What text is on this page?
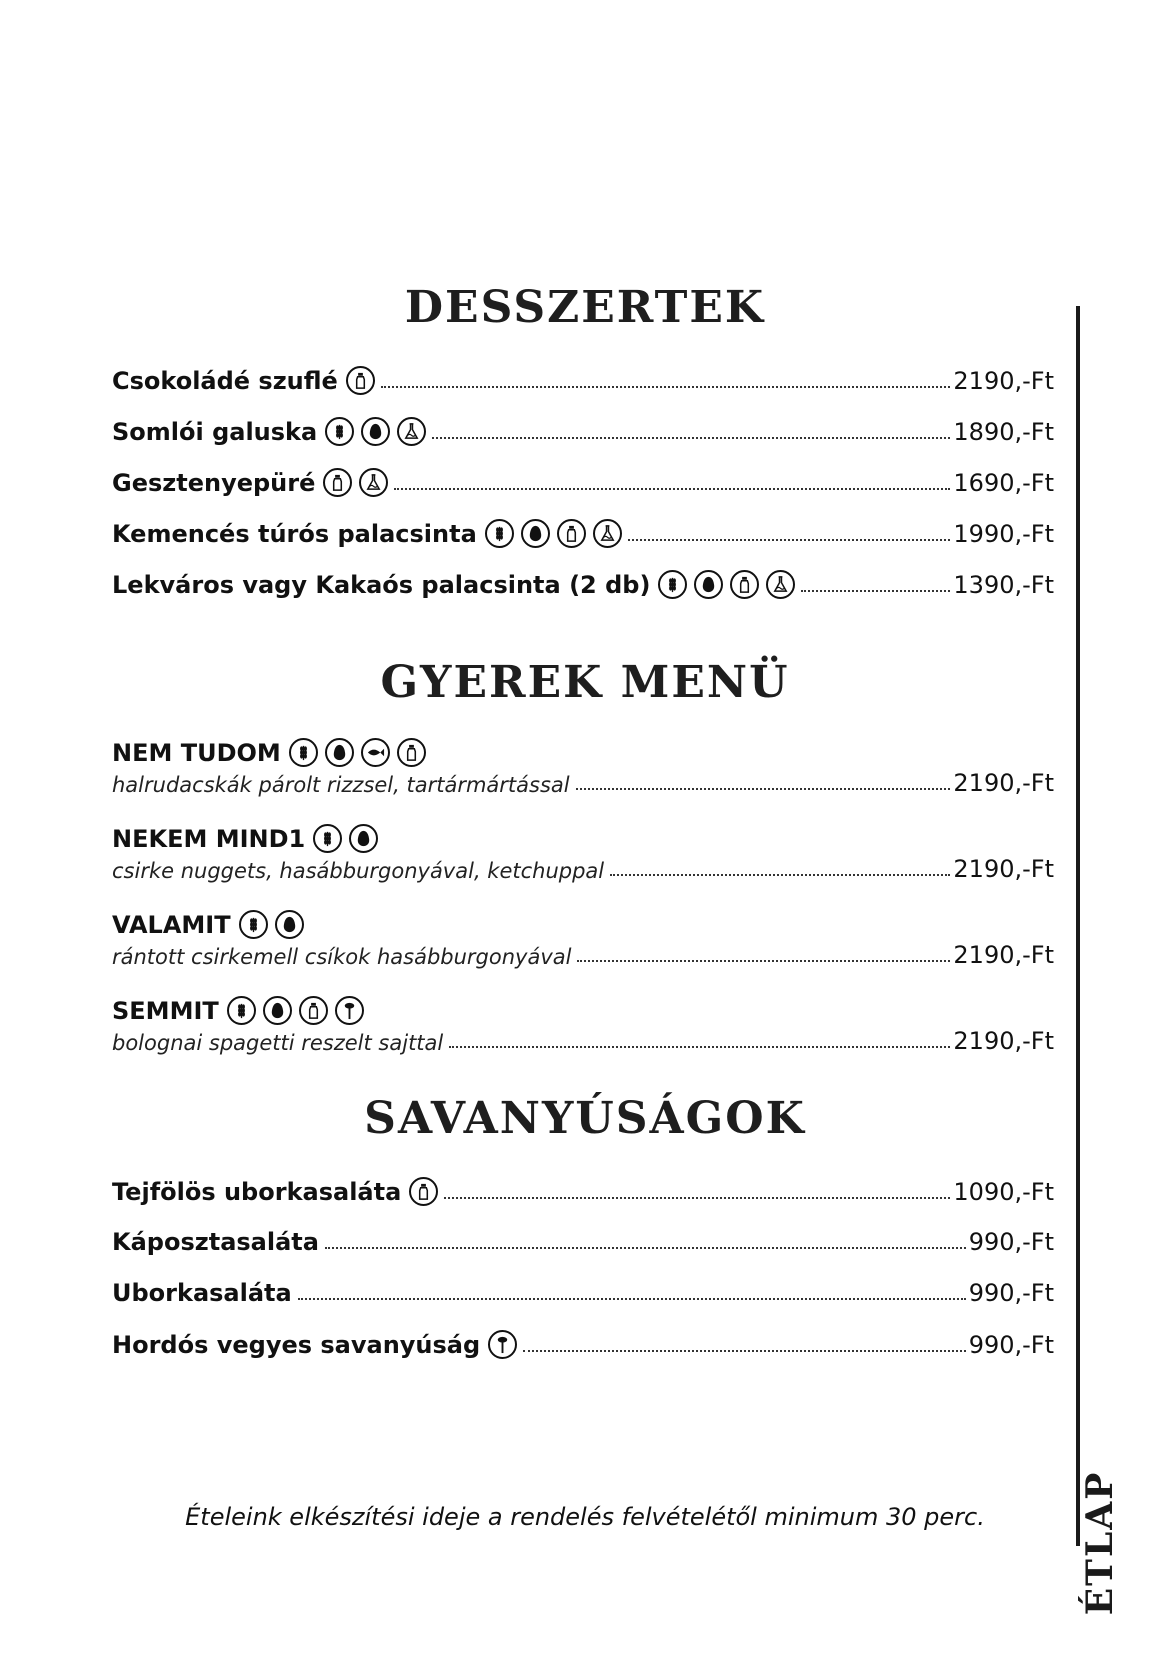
ÉTLAP
DESSZERTEK
Csokoládé szuflé	2190,-Ft
Somlói galuska	1890,-Ft
Gesztenyepüré	1690,-Ft
Kemencés túrós palacsinta	1990,-Ft
Lekváros vagy Kakaós palacsinta (2 db)	1390,-Ft
GYEREK MENÜ
NEM TUDOM
halrudacskák párolt rizzsel, tartármártással	2190,-Ft
NEKEM MIND1
csirke nuggets, hasábburgonyával, ketchuppal	2190,-Ft
VALAMIT
rántott csirkemell csíkok hasábburgonyával	2190,-Ft
SEMMIT
bolognai spagetti reszelt sajttal	2190,-Ft
SAVANYÚSÁGOK
Tejfölös uborkasaláta	1090,-Ft
Káposztasaláta	990,-Ft
Uborkasaláta	990,-Ft
Hordós vegyes savanyúság	990,-Ft
Ételeink elkészítési ideje a rendelés felvételétől minimum 30 perc.
